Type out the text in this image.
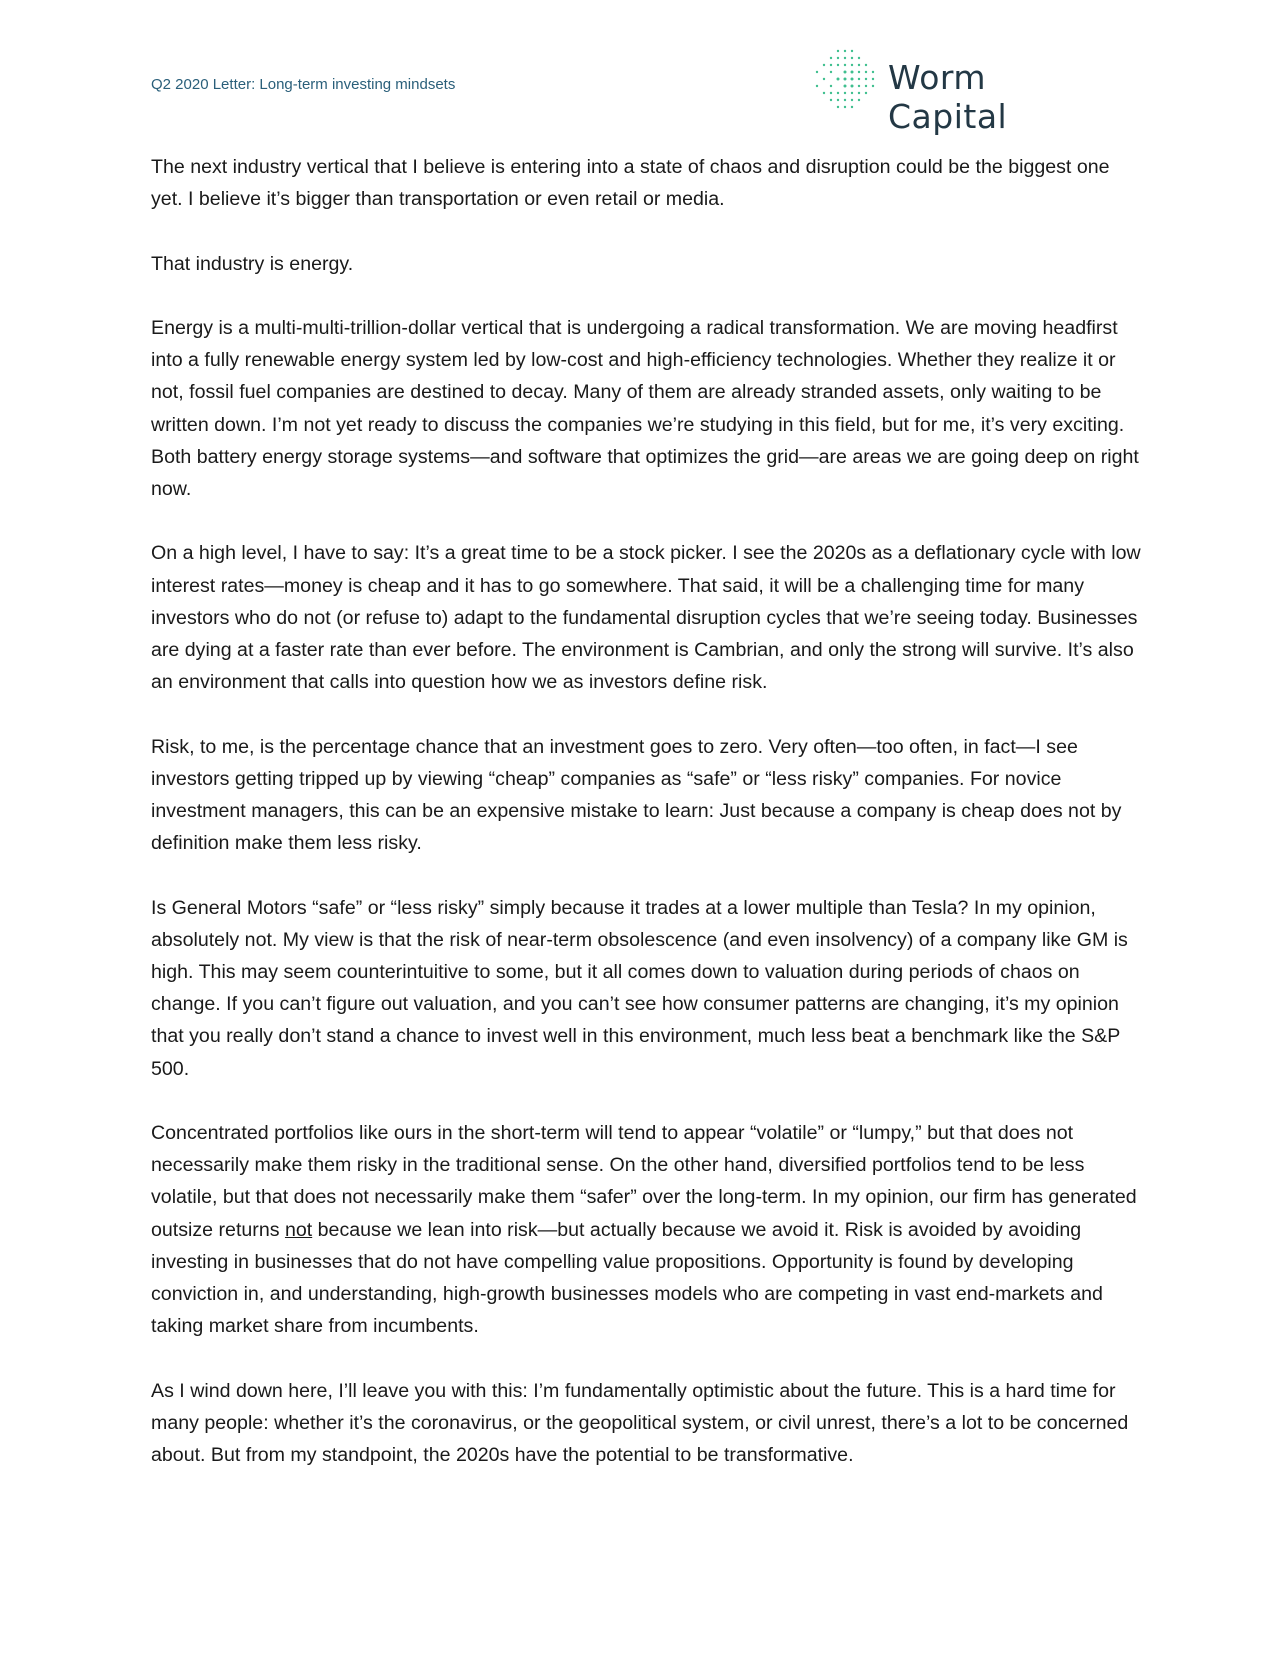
Q2 2020 Letter: Long-term investing mindsets	Worm Capital

The next industry vertical that I believe is entering into a state of chaos and disruption could be the biggest one yet. I believe it’s bigger than transportation or even retail or media.

That industry is energy.

Energy is a multi-multi-trillion-dollar vertical that is undergoing a radical transformation. We are moving headfirst into a fully renewable energy system led by low-cost and high-efficiency technologies. Whether they realize it or not, fossil fuel companies are destined to decay. Many of them are already stranded assets, only waiting to be written down. I’m not yet ready to discuss the companies we’re studying in this field, but for me, it’s very exciting. Both battery energy storage systems—and software that optimizes the grid—are areas we are going deep on right now.

On a high level, I have to say: It’s a great time to be a stock picker. I see the 2020s as a deflationary cycle with low interest rates—money is cheap and it has to go somewhere. That said, it will be a challenging time for many investors who do not (or refuse to) adapt to the fundamental disruption cycles that we’re seeing today. Businesses are dying at a faster rate than ever before. The environment is Cambrian, and only the strong will survive. It’s also an environment that calls into question how we as investors define risk.

Risk, to me, is the percentage chance that an investment goes to zero. Very often—too often, in fact—I see investors getting tripped up by viewing “cheap” companies as “safe” or “less risky” companies. For novice investment managers, this can be an expensive mistake to learn: Just because a company is cheap does not by definition make them less risky.

Is General Motors “safe” or “less risky” simply because it trades at a lower multiple than Tesla? In my opinion, absolutely not. My view is that the risk of near-term obsolescence (and even insolvency) of a company like GM is high. This may seem counterintuitive to some, but it all comes down to valuation during periods of chaos on change. If you can’t figure out valuation, and you can’t see how consumer patterns are changing, it’s my opinion that you really don’t stand a chance to invest well in this environment, much less beat a benchmark like the S&P 500.

Concentrated portfolios like ours in the short-term will tend to appear “volatile” or “lumpy,” but that does not necessarily make them risky in the traditional sense. On the other hand, diversified portfolios tend to be less volatile, but that does not necessarily make them “safer” over the long-term. In my opinion, our firm has generated outsize returns not because we lean into risk—but actually because we avoid it. Risk is avoided by avoiding investing in businesses that do not have compelling value propositions. Opportunity is found by developing conviction in, and understanding, high-growth businesses models who are competing in vast end-markets and taking market share from incumbents.

As I wind down here, I’ll leave you with this: I’m fundamentally optimistic about the future. This is a hard time for many people: whether it’s the coronavirus, or the geopolitical system, or civil unrest, there’s a lot to be concerned about. But from my standpoint, the 2020s have the potential to be transformative.
